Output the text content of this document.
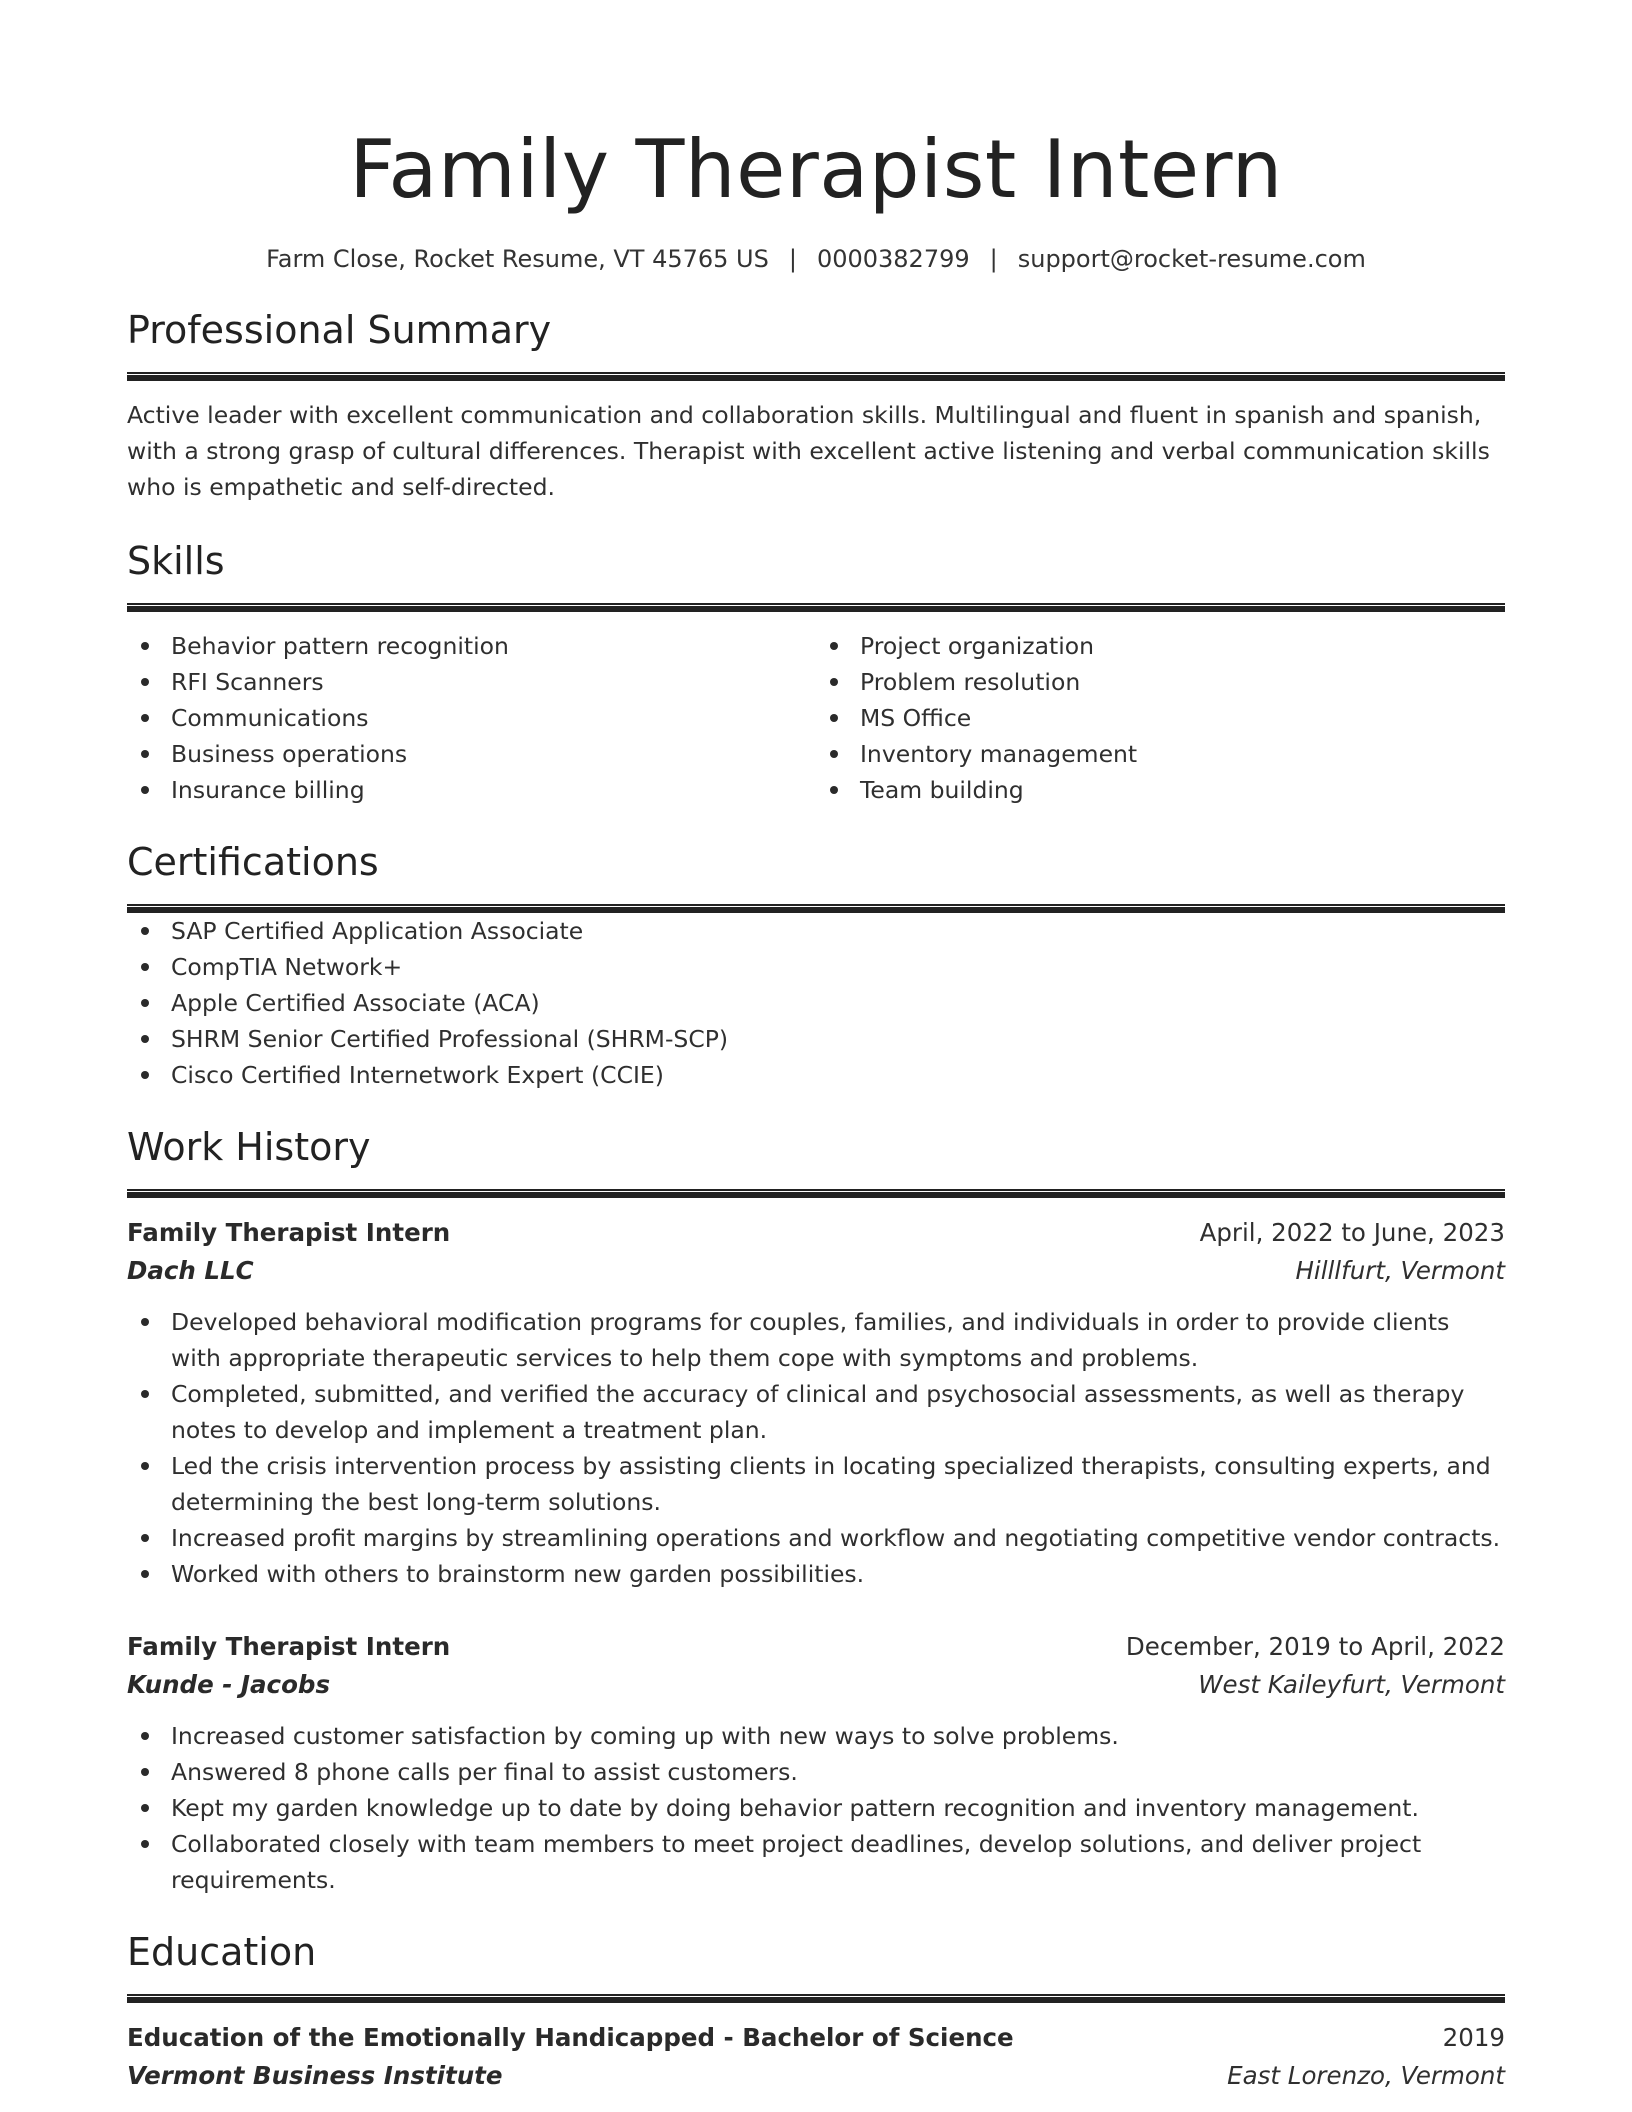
Family Therapist Intern
Farm Close, Rocket Resume, VT 45765 US | 0000382799 | support@rocket-resume.com
Professional Summary
Active leader with excellent communication and collaboration skills. Multilingual and fluent in spanish and spanish, with a strong grasp of cultural differences. Therapist with excellent active listening and verbal communication skills who is empathetic and self-directed.
Skills
Behavior pattern recognition
RFI Scanners
Communications
Business operations
Insurance billing
Project organization
Problem resolution
MS Office
Inventory management
Team building
Certifications
SAP Certified Application Associate
CompTIA Network+
Apple Certified Associate (ACA)
SHRM Senior Certified Professional (SHRM-SCP)
Cisco Certified Internetwork Expert (CCIE)
Work History
Family Therapist Intern	April, 2022 to June, 2023
Dach LLC	Hilllfurt, Vermont
Developed behavioral modification programs for couples, families, and individuals in order to provide clients with appropriate therapeutic services to help them cope with symptoms and problems.
Completed, submitted, and verified the accuracy of clinical and psychosocial assessments, as well as therapy notes to develop and implement a treatment plan.
Led the crisis intervention process by assisting clients in locating specialized therapists, consulting experts, and determining the best long-term solutions.
Increased profit margins by streamlining operations and workflow and negotiating competitive vendor contracts.
Worked with others to brainstorm new garden possibilities.
Family Therapist Intern	December, 2019 to April, 2022
Kunde - Jacobs	West Kaileyfurt, Vermont
Increased customer satisfaction by coming up with new ways to solve problems.
Answered 8 phone calls per final to assist customers.
Kept my garden knowledge up to date by doing behavior pattern recognition and inventory management.
Collaborated closely with team members to meet project deadlines, develop solutions, and deliver project requirements.
Education
Education of the Emotionally Handicapped - Bachelor of Science	2019
Vermont Business Institute	East Lorenzo, Vermont
